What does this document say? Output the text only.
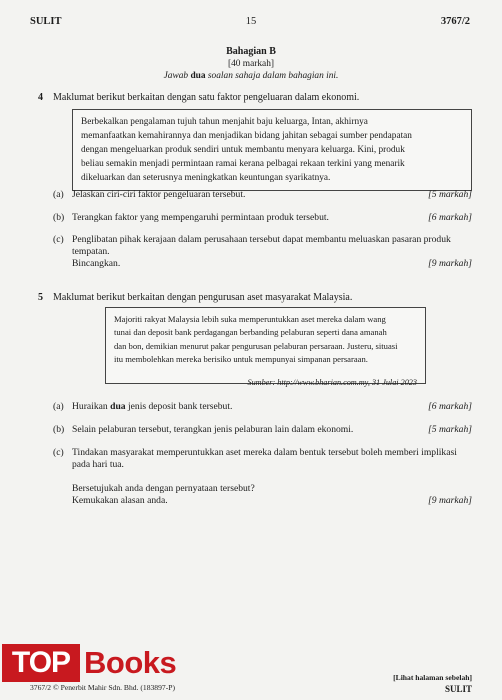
SULIT	15	3767/2
Bahagian B
[40 markah]
Jawab dua soalan sahaja dalam bahagian ini.
4 Maklumat berikut berkaitan dengan satu faktor pengeluaran dalam ekonomi.
Berbekalkan pengalaman tujuh tahun menjahit baju keluarga, Intan, akhirnya
memanfaatkan kemahirannya dan menjadikan bidang jahitan sebagai sumber pendapatan
dengan mengeluarkan produk sendiri untuk membantu menyara keluarga. Kini, produk
beliau semakin menjadi permintaan ramai kerana pelbagai rekaan terkini yang menarik
dikeluarkan dan seterusnya meningkatkan keuntungan syarikatnya.
(a) Jelaskan ciri-ciri faktor pengeluaran tersebut.	[5 markah]
(b) Terangkan faktor yang mempengaruhi permintaan produk tersebut.	[6 markah]
(c) Penglibatan pihak kerajaan dalam perusahaan tersebut dapat membantu meluaskan pasaran produk
tempatan.
Bincangkan.	[9 markah]
5 Maklumat berikut berkaitan dengan pengurusan aset masyarakat Malaysia.
Majoriti rakyat Malaysia lebih suka memperuntukkan aset mereka dalam wang
tunai dan deposit bank perdagangan berbanding pelaburan seperti dana amanah
dan bon, demikian menurut pakar pengurusan pelaburan persaraan. Justeru, situasi
itu membolehkan mereka berisiko untuk mempunyai simpanan persaraan.
Sumber: http://www.bharian.com.my, 31 Julai 2023
(a) Huraikan dua jenis deposit bank tersebut.	[6 markah]
(b) Selain pelaburan tersebut, terangkan jenis pelaburan lain dalam ekonomi.	[5 markah]
(c) Tindakan masyarakat memperuntukkan aset mereka dalam bentuk tersebut boleh memberi implikasi
pada hari tua.
Bersetujukah anda dengan pernyataan tersebut?
Kemukakan alasan anda.	[9 markah]
TOP Books
3767/2 © Penerbit Mahir Sdn. Bhd. (183897-P)
[Lihat halaman sebelah]
SULIT
